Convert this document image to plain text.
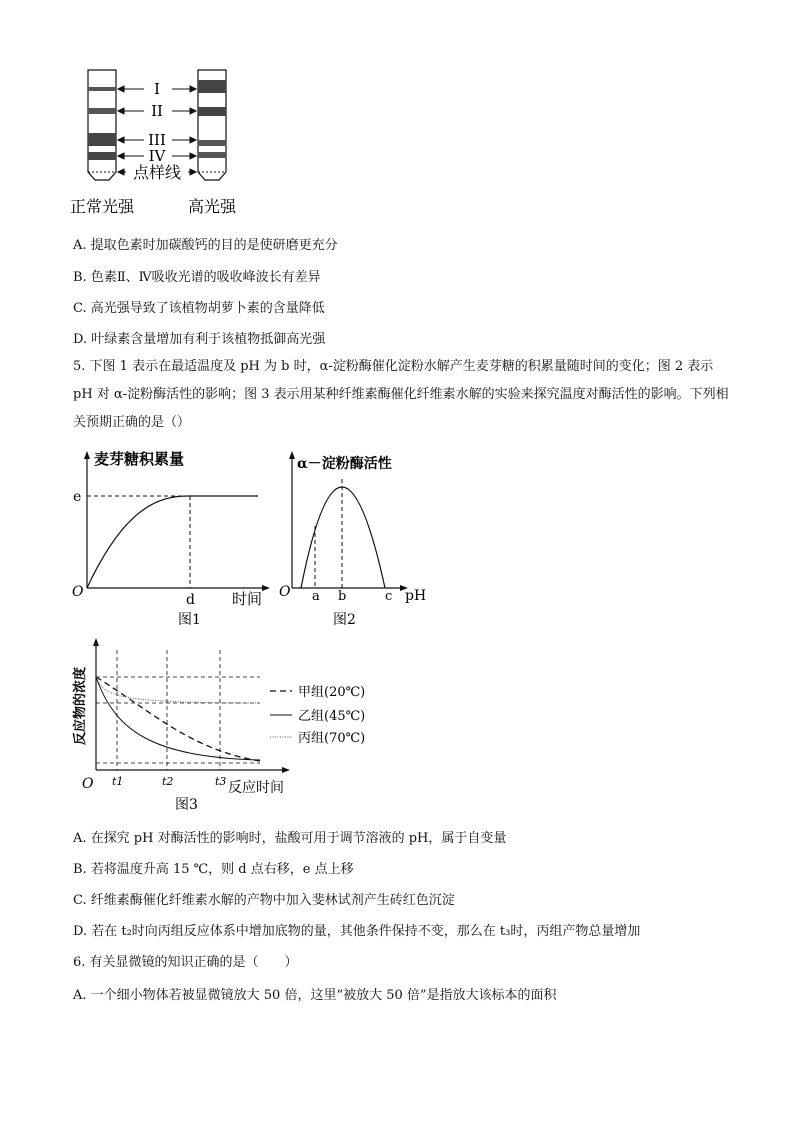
I
II
III
IV
点样线
正常光强	高光强
A. 提取色素时加碳酸钙的目的是使研磨更充分
B. 色素Ⅱ、Ⅳ吸收光谱的吸收峰波长有差异
C. 高光强导致了该植物胡萝卜素的含量降低
D. 叶绿素含量增加有利于该植物抵御高光强
5. 下图 1 表示在最适温度及 pH 为 b 时，α-淀粉酶催化淀粉水解产生麦芽糖的积累量随时间的变化；图 2 表示 pH 对 α-淀粉酶活性的影响；图 3 表示用某种纤维素酶催化纤维素水解的实验来探究温度对酶活性的影响。下列相关预期正确的是（）
麦芽糖积累量
e
O	d 时间
图1
α－淀粉酶活性
O a b	c pH
图2
反应物的浓度
O t1	t2	t3 反应时间
图3
甲组(20℃)
乙组(45℃)
丙组(70℃)
A. 在探究 pH 对酶活性的影响时，盐酸可用于调节溶液的 pH，属于自变量
B. 若将温度升高 15 ℃，则 d 点右移，e 点上移
C. 纤维素酶催化纤维素水解的产物中加入斐林试剂产生砖红色沉淀
D. 若在 t₂时向丙组反应体系中增加底物的量，其他条件保持不变，那么在 t₃时，丙组产物总量增加
6. 有关显微镜的知识正确的是（　　）
A. 一个细小物体若被显微镜放大 50 倍，这里“被放大 50 倍”是指放大该标本的面积
